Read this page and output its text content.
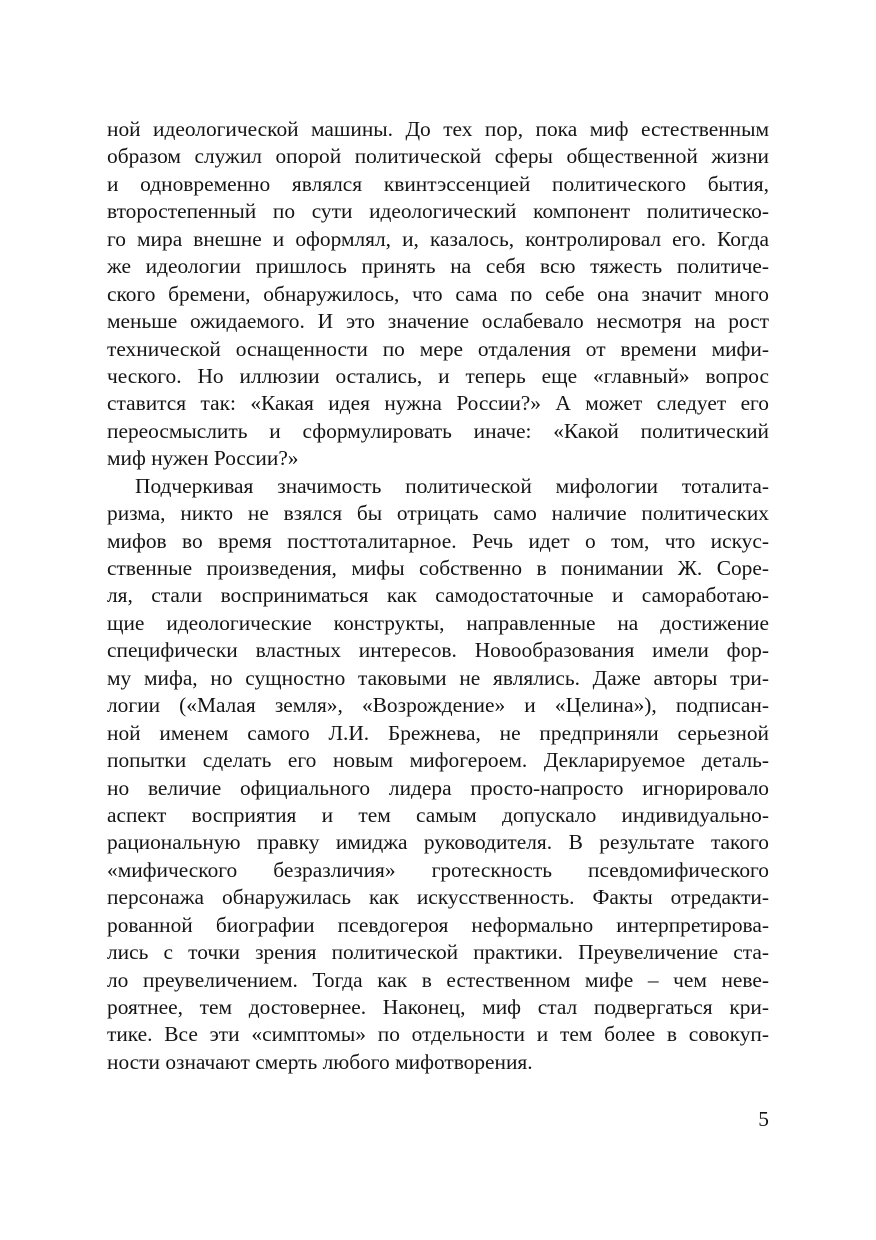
ной идеологической машины. До тех пор, пока миф естественным
образом служил опорой политической сферы общественной жизни
и одновременно являлся квинтэссенцией политического бытия,
второстепенный по сути идеологический компонент политическо-
го мира внешне и оформлял, и, казалось, контролировал его. Когда
же идеологии пришлось принять на себя всю тяжесть политиче-
ского бремени, обнаружилось, что сама по себе она значит много
меньше ожидаемого. И это значение ослабевало несмотря на рост
технической оснащенности по мере отдаления от времени мифи-
ческого. Но иллюзии остались, и теперь еще «главный» вопрос
ставится так: «Какая идея нужна России?» А может следует его
переосмыслить и сформулировать иначе: «Какой политический
миф нужен России?»
Подчеркивая значимость политической мифологии тоталита-
ризма, никто не взялся бы отрицать само наличие политических
мифов во время посттоталитарное. Речь идет о том, что искус-
ственные произведения, мифы собственно в понимании Ж. Соре-
ля, стали восприниматься как самодостаточные и самоработаю-
щие идеологические конструкты, направленные на достижение
специфически властных интересов. Новообразования имели фор-
му мифа, но сущностно таковыми не являлись. Даже авторы три-
логии («Малая земля», «Возрождение» и «Целина»), подписан-
ной именем самого Л.И. Брежнева, не предприняли серьезной
попытки сделать его новым мифогероем. Декларируемое деталь-
но величие официального лидера просто-напросто игнорировало
аспект восприятия и тем самым допускало индивидуально-
рациональную правку имиджа руководителя. В результате такого
«мифического безразличия» гротескность псевдомифического
персонажа обнаружилась как искусственность. Факты отредакти-
рованной биографии псевдогероя неформально интерпретирова-
лись с точки зрения политической практики. Преувеличение ста-
ло преувеличением. Тогда как в естественном мифе – чем неве-
роятнее, тем достовернее. Наконец, миф стал подвергаться кри-
тике. Все эти «симптомы» по отдельности и тем более в совокуп-
ности означают смерть любого мифотворения.
5
